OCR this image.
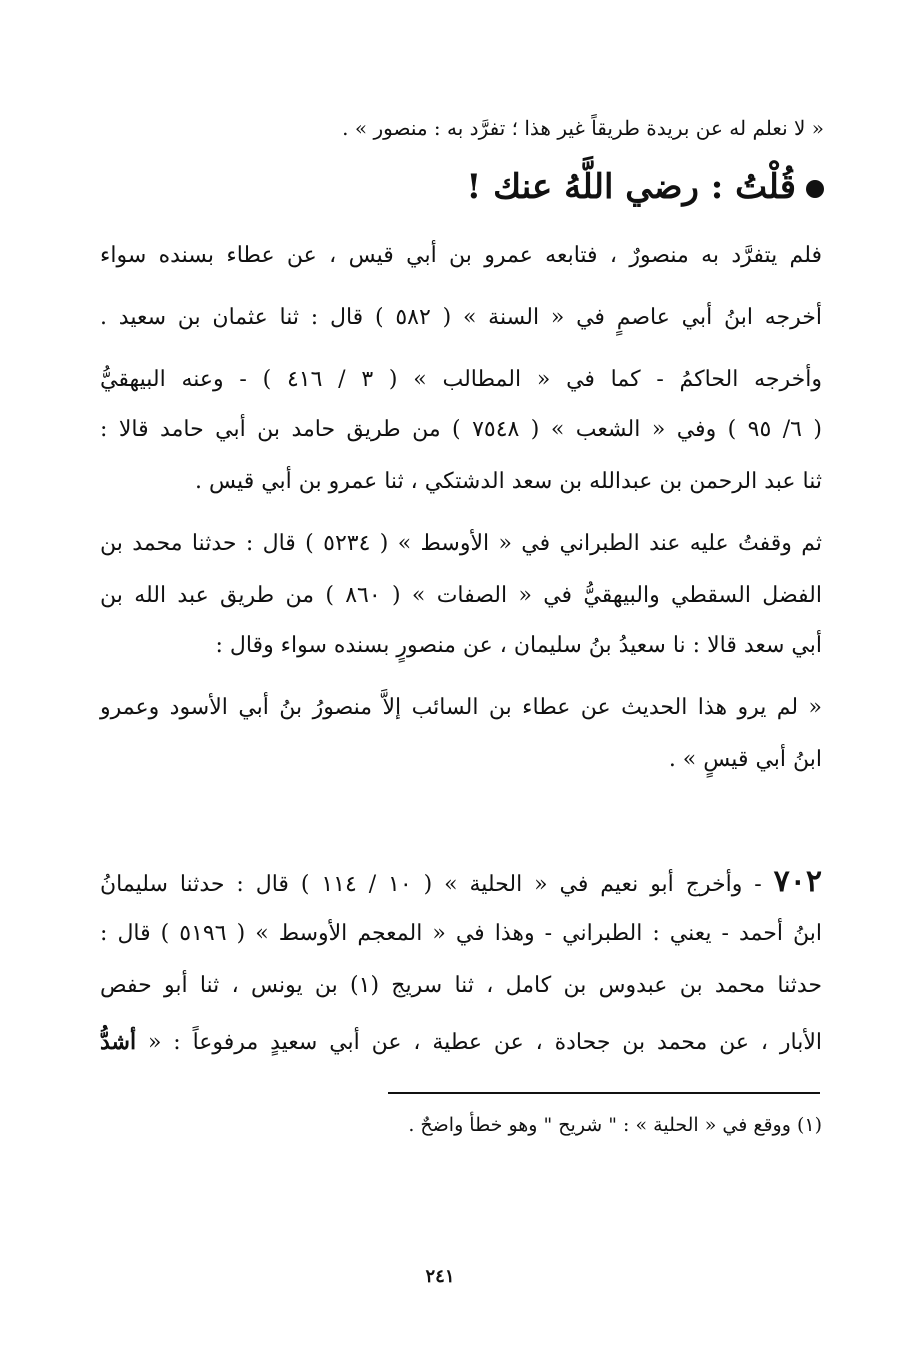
« لا نعلم له عن بريدة طريقاً غير هذا ؛ تفرَّد به : منصور » .
قُلْتُ : رضي اللَّهُ عنك !
فلم يتفرَّد به منصورٌ ، فتابعه عمرو بن أبي قيس ، عن عطاء بسنده سواء
أخرجه ابنُ أبي عاصمٍ في « السنة » ( ٥٨٢ ) قال : ثنا عثمان بن سعيد .
وأخرجه الحاكمُ - كما في « المطالب » ( ٣ / ٤١٦ ) - وعنه البيهقيُّ
( ٦/ ٩٥ ) وفي « الشعب » ( ٧٥٤٨ ) من طريق حامد بن أبي حامد قالا :
ثنا عبد الرحمن بن عبدالله بن سعد الدشتكي ، ثنا عمرو بن أبي قيس .
ثم وقفتُ عليه عند الطبراني في « الأوسط » ( ٥٢٣٤ ) قال : حدثنا محمد بن
الفضل السقطي والبيهقيُّ في « الصفات » ( ٨٦٠ ) من طريق عبد الله بن
أبي سعد قالا : نا سعيدُ بنُ سليمان ، عن منصورٍ بسنده سواء وقال :
« لم يرو هذا الحديث عن عطاء بن السائب إلاَّ منصورُ بنُ أبي الأسود وعمرو
ابنُ أبي قيسٍ » .
٧٠٢ - وأخرج أبو نعيم في « الحلية » ( ١٠ / ١١٤ ) قال : حدثنا سليمانُ
ابنُ أحمد - يعني : الطبراني - وهذا في « المعجم الأوسط » ( ٥١٩٦ ) قال :
حدثنا محمد بن عبدوس بن كامل ، ثنا سريج (١) بن يونس ، ثنا أبو حفص
الأبار ، عن محمد بن جحادة ، عن عطية ، عن أبي سعيدٍ مرفوعاً : « أشدُّ
(١) ووقع في « الحلية » : " شريح " وهو خطأ واضحٌ .
٢٤١
